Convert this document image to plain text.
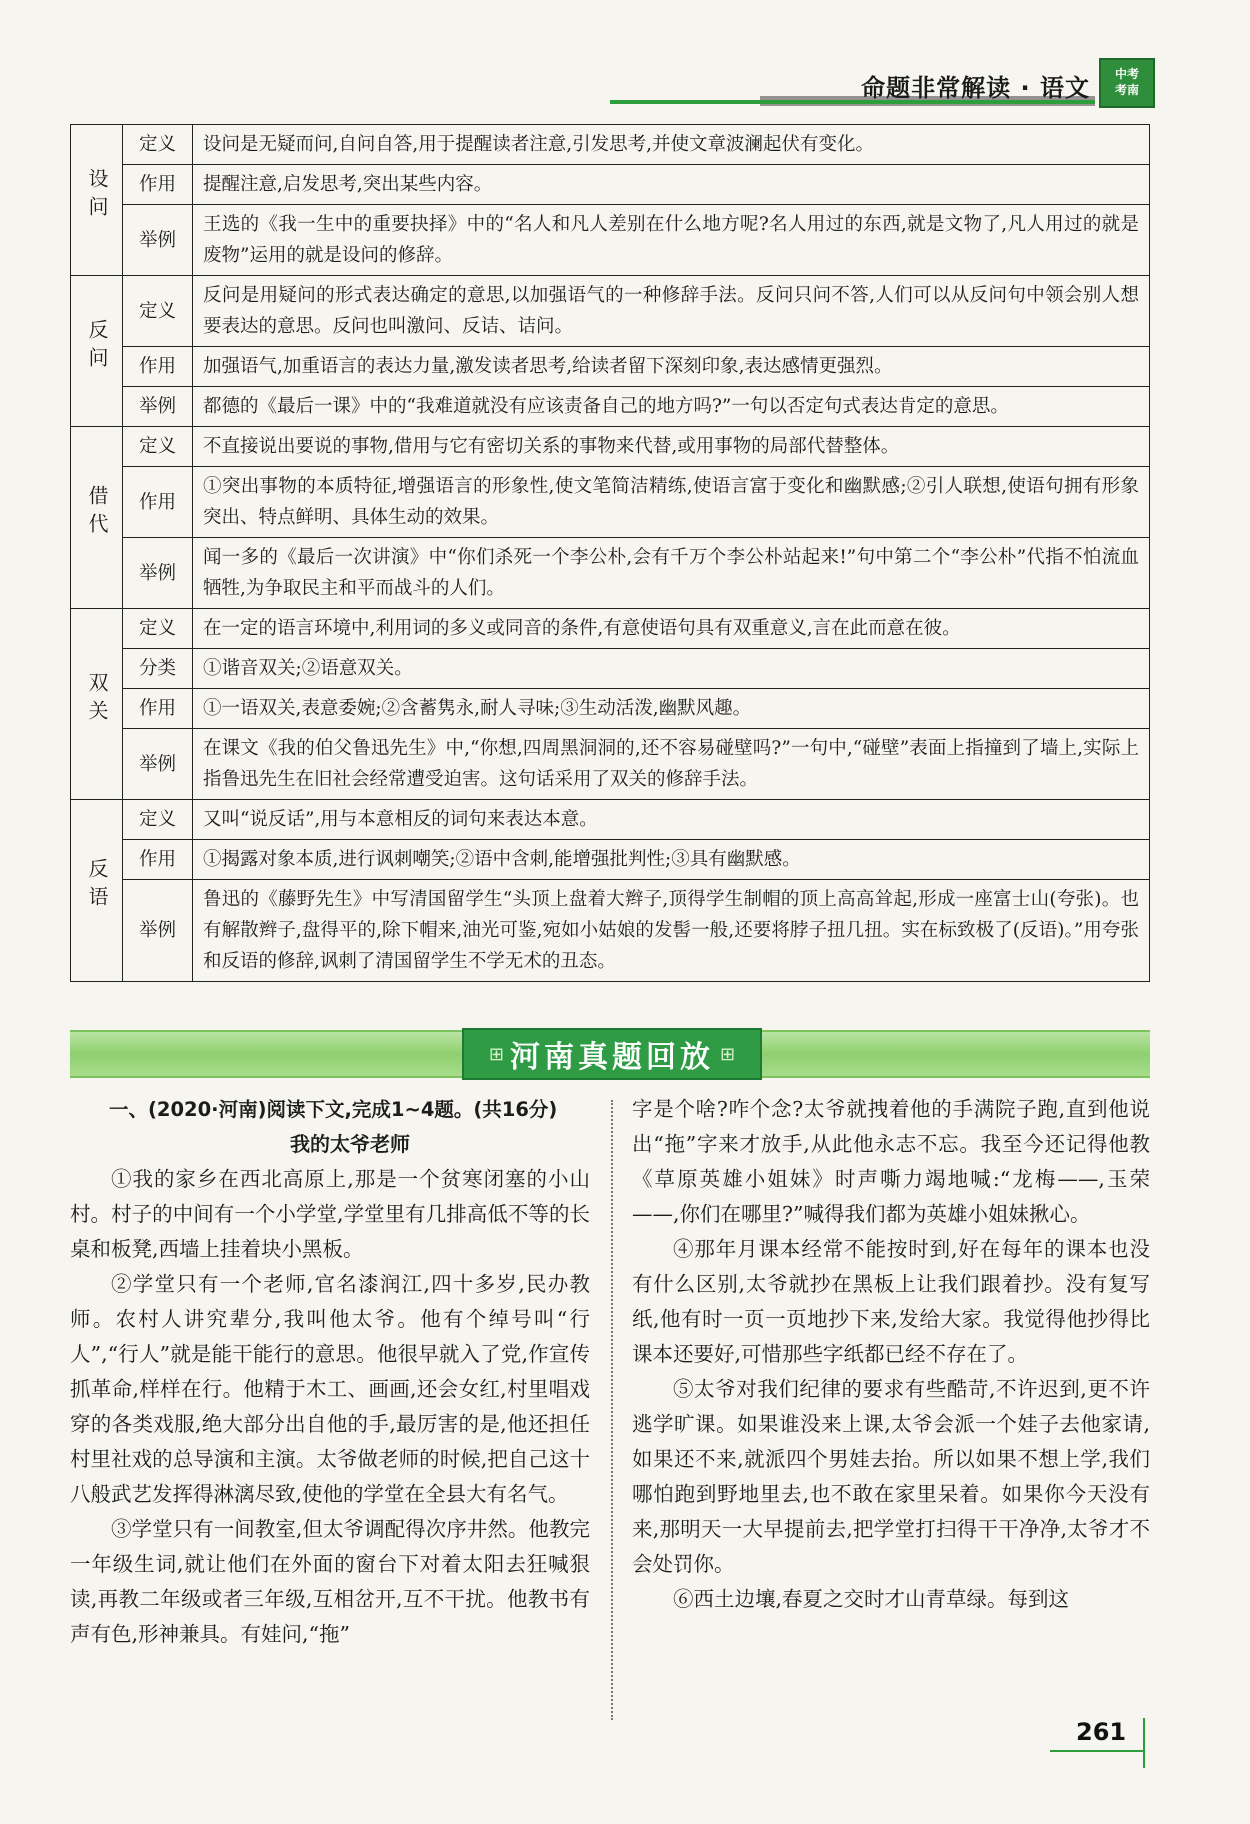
命题非常解读 · 语文	中考
考南
设问	定义	设问是无疑而问,自问自答,用于提醒读者注意,引发思考,并使文章波澜起伏有变化。
	作用	提醒注意,启发思考,突出某些内容。
	举例	王选的《我一生中的重要抉择》中的“名人和凡人差别在什么地方呢?名人用过的东西,就是文物了,凡人用过的就是废物”运用的就是设问的修辞。
反问	定义	反问是用疑问的形式表达确定的意思,以加强语气的一种修辞手法。反问只问不答,人们可以从反问句中领会别人想要表达的意思。反问也叫激问、反诘、诘问。
	作用	加强语气,加重语言的表达力量,激发读者思考,给读者留下深刻印象,表达感情更强烈。
	举例	都德的《最后一课》中的“我难道就没有应该责备自己的地方吗?”一句以否定句式表达肯定的意思。
借代	定义	不直接说出要说的事物,借用与它有密切关系的事物来代替,或用事物的局部代替整体。
	作用	①突出事物的本质特征,增强语言的形象性,使文笔简洁精练,使语言富于变化和幽默感;②引人联想,使语句拥有形象突出、特点鲜明、具体生动的效果。
	举例	闻一多的《最后一次讲演》中“你们杀死一个李公朴,会有千万个李公朴站起来!”句中第二个“李公朴”代指不怕流血牺牲,为争取民主和平而战斗的人们。
双关	定义	在一定的语言环境中,利用词的多义或同音的条件,有意使语句具有双重意义,言在此而意在彼。
	分类	①谐音双关;②语意双关。
	作用	①一语双关,表意委婉;②含蓄隽永,耐人寻味;③生动活泼,幽默风趣。
	举例	在课文《我的伯父鲁迅先生》中,“你想,四周黑洞洞的,还不容易碰壁吗?”一句中,“碰壁”表面上指撞到了墙上,实际上指鲁迅先生在旧社会经常遭受迫害。这句话采用了双关的修辞手法。
反语	定义	又叫“说反话”,用与本意相反的词句来表达本意。
	作用	①揭露对象本质,进行讽刺嘲笑;②语中含刺,能增强批判性;③具有幽默感。
	举例	鲁迅的《藤野先生》中写清国留学生“头顶上盘着大辫子,顶得学生制帽的顶上高高耸起,形成一座富士山(夸张)。也有解散辫子,盘得平的,除下帽来,油光可鉴,宛如小姑娘的发髻一般,还要将脖子扭几扭。实在标致极了(反语)。”用夸张和反语的修辞,讽刺了清国留学生不学无术的丑态。
⊞ 河南真题回放 ⊞

一、(2020·河南)阅读下文,完成1~4题。(共16分)

我的太爷老师

①我的家乡在西北高原上,那是一个贫寒闭塞的小山村。村子的中间有一个小学堂,学堂里有几排高低不等的长桌和板凳,西墙上挂着块小黑板。

②学堂只有一个老师,官名漆润江,四十多岁,民办教师。农村人讲究辈分,我叫他太爷。他有个绰号叫“行人”,“行人”就是能干能行的意思。他很早就入了党,作宣传抓革命,样样在行。他精于木工、画画,还会女红,村里唱戏穿的各类戏服,绝大部分出自他的手,最厉害的是,他还担任村里社戏的总导演和主演。太爷做老师的时候,把自己这十八般武艺发挥得淋漓尽致,使他的学堂在全县大有名气。

③学堂只有一间教室,但太爷调配得次序井然。他教完一年级生词,就让他们在外面的窗台下对着太阳去狂喊狠读,再教二年级或者三年级,互相岔开,互不干扰。他教书有声有色,形神兼具。有娃问,“拖”

字是个啥?咋个念?太爷就拽着他的手满院子跑,直到他说出“拖”字来才放手,从此他永志不忘。我至今还记得他教《草原英雄小姐妹》时声嘶力竭地喊:“龙梅——,玉荣——,你们在哪里?”喊得我们都为英雄小姐妹揪心。

④那年月课本经常不能按时到,好在每年的课本也没有什么区别,太爷就抄在黑板上让我们跟着抄。没有复写纸,他有时一页一页地抄下来,发给大家。我觉得他抄得比课本还要好,可惜那些字纸都已经不存在了。

⑤太爷对我们纪律的要求有些酷苛,不许迟到,更不许逃学旷课。如果谁没来上课,太爷会派一个娃子去他家请,如果还不来,就派四个男娃去抬。所以如果不想上学,我们哪怕跑到野地里去,也不敢在家里呆着。如果你今天没有来,那明天一大早提前去,把学堂打扫得干干净净,太爷才不会处罚你。

⑥西土边壤,春夏之交时才山青草绿。每到这

261
